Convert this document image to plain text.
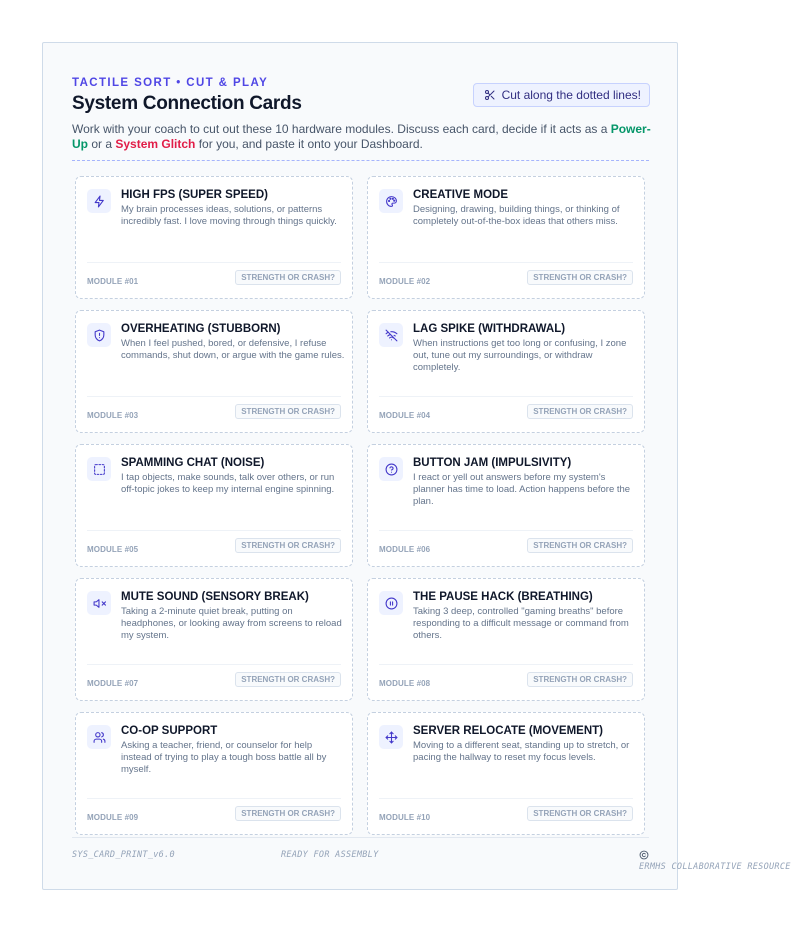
TACTILE SORT • CUT & PLAY
System Connection Cards	Cut along the dotted lines!
Work with your coach to cut out these 10 hardware modules. Discuss each card, decide if it acts as a Power-Up or a System Glitch for you, and paste it onto your Dashboard.
HIGH FPS (SUPER SPEED)
My brain processes ideas, solutions, or patterns incredibly fast. I love moving through things quickly.
MODULE #01	STRENGTH OR CRASH?
CREATIVE MODE
Designing, drawing, building things, or thinking of completely out-of-the-box ideas that others miss.
MODULE #02	STRENGTH OR CRASH?
OVERHEATING (STUBBORN)
When I feel pushed, bored, or defensive, I refuse commands, shut down, or argue with the game rules.
MODULE #03	STRENGTH OR CRASH?
LAG SPIKE (WITHDRAWAL)
When instructions get too long or confusing, I zone out, tune out my surroundings, or withdraw completely.
MODULE #04	STRENGTH OR CRASH?
SPAMMING CHAT (NOISE)
I tap objects, make sounds, talk over others, or run off-topic jokes to keep my internal engine spinning.
MODULE #05	STRENGTH OR CRASH?
BUTTON JAM (IMPULSIVITY)
I react or yell out answers before my system's planner has time to load. Action happens before the plan.
MODULE #06	STRENGTH OR CRASH?
MUTE SOUND (SENSORY BREAK)
Taking a 2-minute quiet break, putting on headphones, or looking away from screens to reload my system.
MODULE #07	STRENGTH OR CRASH?
THE PAUSE HACK (BREATHING)
Taking 3 deep, controlled "gaming breaths" before responding to a difficult message or command from others.
MODULE #08	STRENGTH OR CRASH?
CO-OP SUPPORT
Asking a teacher, friend, or counselor for help instead of trying to play a tough boss battle all by myself.
MODULE #09	STRENGTH OR CRASH?
SERVER RELOCATE (MOVEMENT)
Moving to a different seat, standing up to stretch, or pacing the hallway to reset my focus levels.
MODULE #10	STRENGTH OR CRASH?
SYS_CARD_PRINT_v6.0	READY FOR ASSEMBLY
ERMHS COLLABORATIVE RESOURCE
